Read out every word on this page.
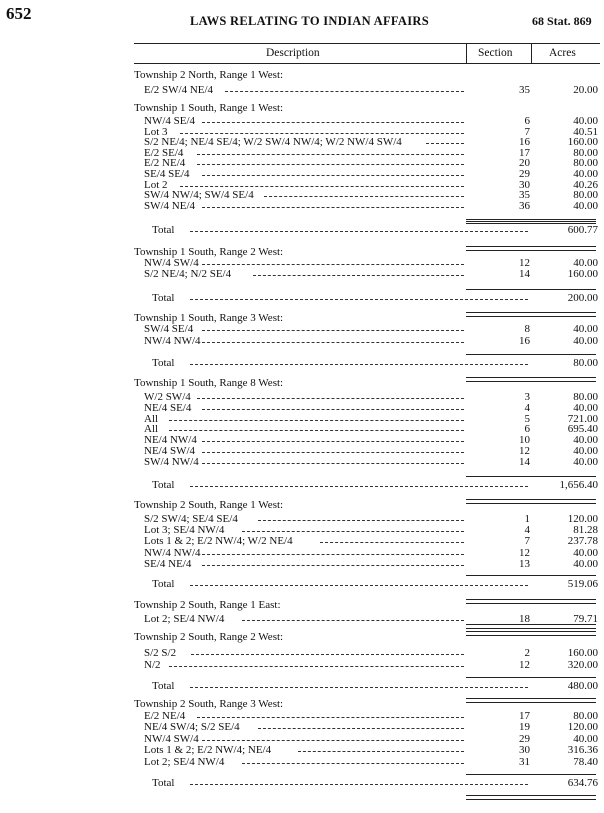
652	LAWS RELATING TO INDIAN AFFAIRS	68 Stat. 869
Description	Section	Acres
Township 2 North, Range 1 West:
E/2 SW/4 NE/4	35	20.00
Township 1 South, Range 1 West:
NW/4 SE/4	6	40.00
Lot 3	7	40.51
S/2 NE/4; NE/4 SE/4; W/2 SW/4 NW/4; W/2 NW/4 SW/4	16	160.00
E/2 SE/4	17	80.00
E/2 NE/4	20	80.00
SE/4 SE/4	29	40.00
Lot 2	30	40.26
SW/4 NW/4; SW/4 SE/4	35	80.00
SW/4 NE/4	36	40.00
Total	600.77
Township 1 South, Range 2 West:
NW/4 SW/4	12	40.00
S/2 NE/4; N/2 SE/4	14	160.00
Total	200.00
Township 1 South, Range 3 West:
SW/4 SE/4	8	40.00
NW/4 NW/4	16	40.00
Total	80.00
Township 1 South, Range 8 West:
W/2 SW/4	3	80.00
NE/4 SE/4	4	40.00
All	5	721.00
All	6	695.40
NE/4 NW/4	10	40.00
NE/4 SW/4	12	40.00
SW/4 NW/4	14	40.00
Total	1,656.40
Township 2 South, Range 1 West:
S/2 SW/4; SE/4 SE/4	1	120.00
Lot 3; SE/4 NW/4	4	81.28
Lots 1 & 2; E/2 NW/4; W/2 NE/4	7	237.78
NW/4 NW/4	12	40.00
SE/4 NE/4	13	40.00
Total	519.06
Township 2 South, Range 1 East:
Lot 2; SE/4 NW/4	18	79.71
Township 2 South, Range 2 West:
S/2 S/2	2	160.00
N/2	12	320.00
Total	480.00
Township 2 South, Range 3 West:
E/2 NE/4	17	80.00
NE/4 SW/4; S/2 SE/4	19	120.00
NW/4 SW/4	29	40.00
Lots 1 & 2; E/2 NW/4; NE/4	30	316.36
Lot 2; SE/4 NW/4	31	78.40
Total	634.76
